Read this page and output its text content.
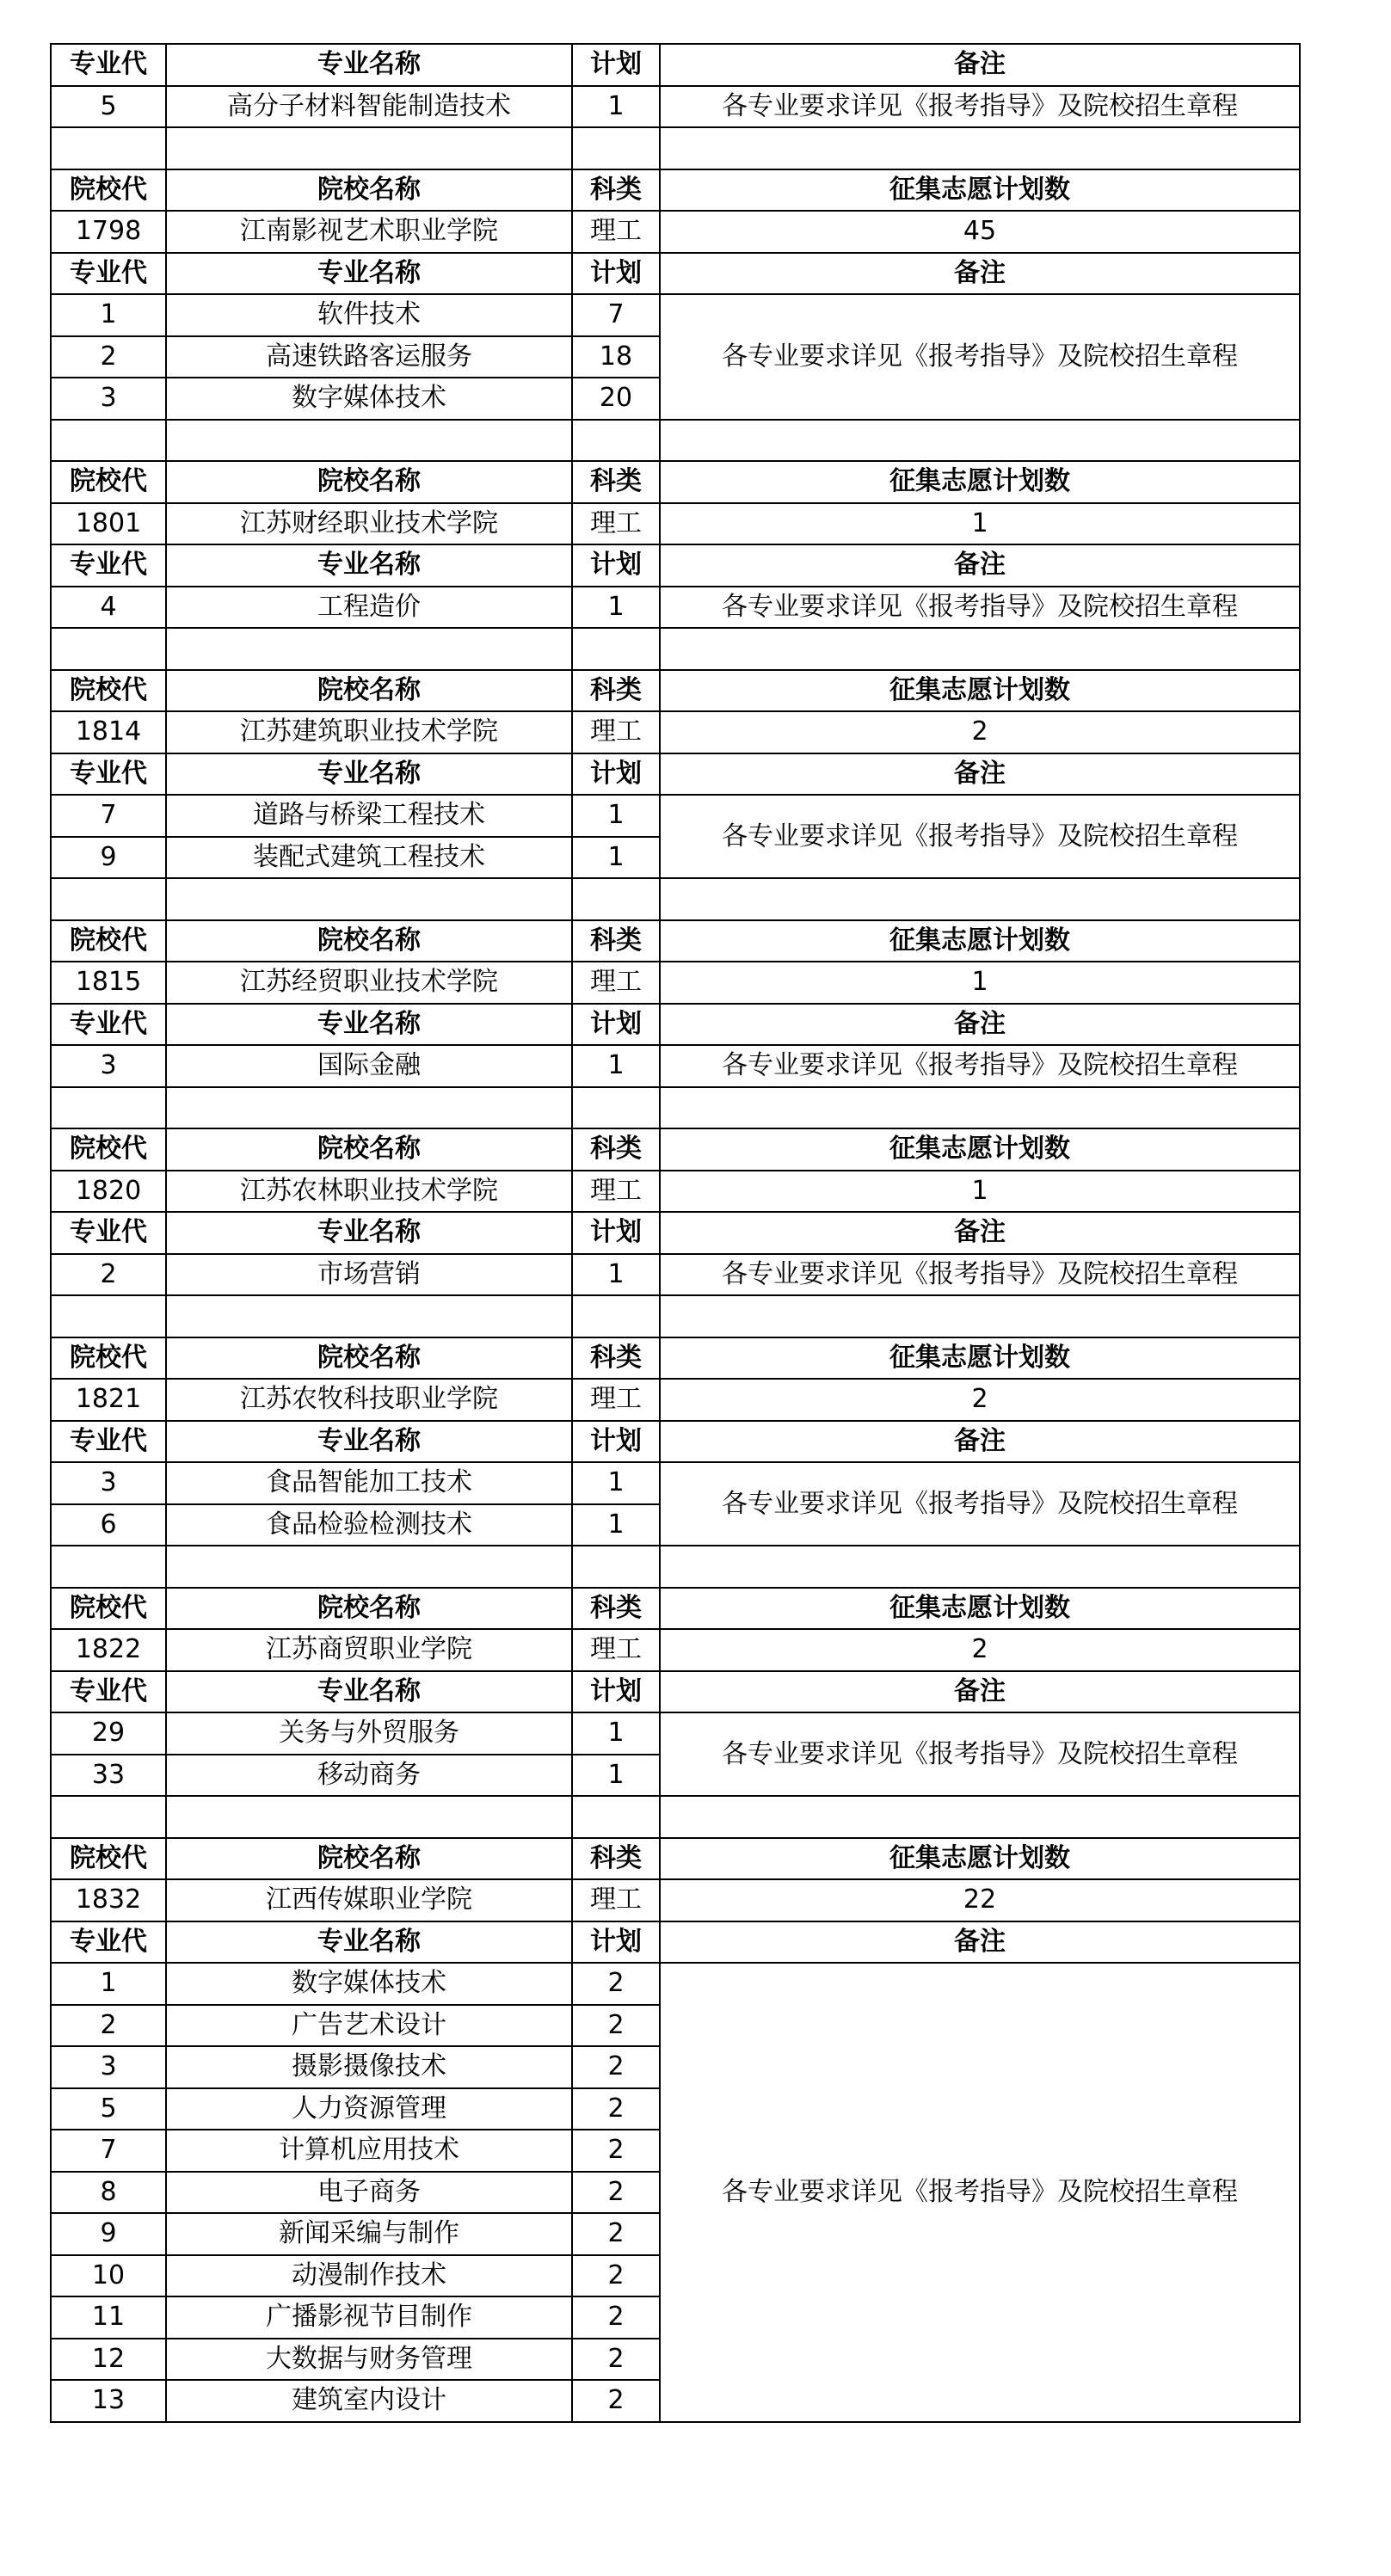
专业代	专业名称	计划	备注
5	高分子材料智能制造技术	1	各专业要求详见《报考指导》及院校招生章程

院校代	院校名称	科类	征集志愿计划数
1798	江南影视艺术职业学院	理工	45
专业代	专业名称	计划	备注
1	软件技术	7	各专业要求详见《报考指导》及院校招生章程
2	高速铁路客运服务	18	
3	数字媒体技术	20	

院校代	院校名称	科类	征集志愿计划数
1801	江苏财经职业技术学院	理工	1
专业代	专业名称	计划	备注
4	工程造价	1	各专业要求详见《报考指导》及院校招生章程

院校代	院校名称	科类	征集志愿计划数
1814	江苏建筑职业技术学院	理工	2
专业代	专业名称	计划	备注
7	道路与桥梁工程技术	1	各专业要求详见《报考指导》及院校招生章程
9	装配式建筑工程技术	1	

院校代	院校名称	科类	征集志愿计划数
1815	江苏经贸职业技术学院	理工	1
专业代	专业名称	计划	备注
3	国际金融	1	各专业要求详见《报考指导》及院校招生章程

院校代	院校名称	科类	征集志愿计划数
1820	江苏农林职业技术学院	理工	1
专业代	专业名称	计划	备注
2	市场营销	1	各专业要求详见《报考指导》及院校招生章程

院校代	院校名称	科类	征集志愿计划数
1821	江苏农牧科技职业学院	理工	2
专业代	专业名称	计划	备注
3	食品智能加工技术	1	各专业要求详见《报考指导》及院校招生章程
6	食品检验检测技术	1	

院校代	院校名称	科类	征集志愿计划数
1822	江苏商贸职业学院	理工	2
专业代	专业名称	计划	备注
29	关务与外贸服务	1	各专业要求详见《报考指导》及院校招生章程
33	移动商务	1	

院校代	院校名称	科类	征集志愿计划数
1832	江西传媒职业学院	理工	22
专业代	专业名称	计划	备注
1	数字媒体技术	2	各专业要求详见《报考指导》及院校招生章程
2	广告艺术设计	2	
3	摄影摄像技术	2	
5	人力资源管理	2	
7	计算机应用技术	2	
8	电子商务	2	
9	新闻采编与制作	2	
10	动漫制作技术	2	
11	广播影视节目制作	2	
12	大数据与财务管理	2	
13	建筑室内设计	2	
